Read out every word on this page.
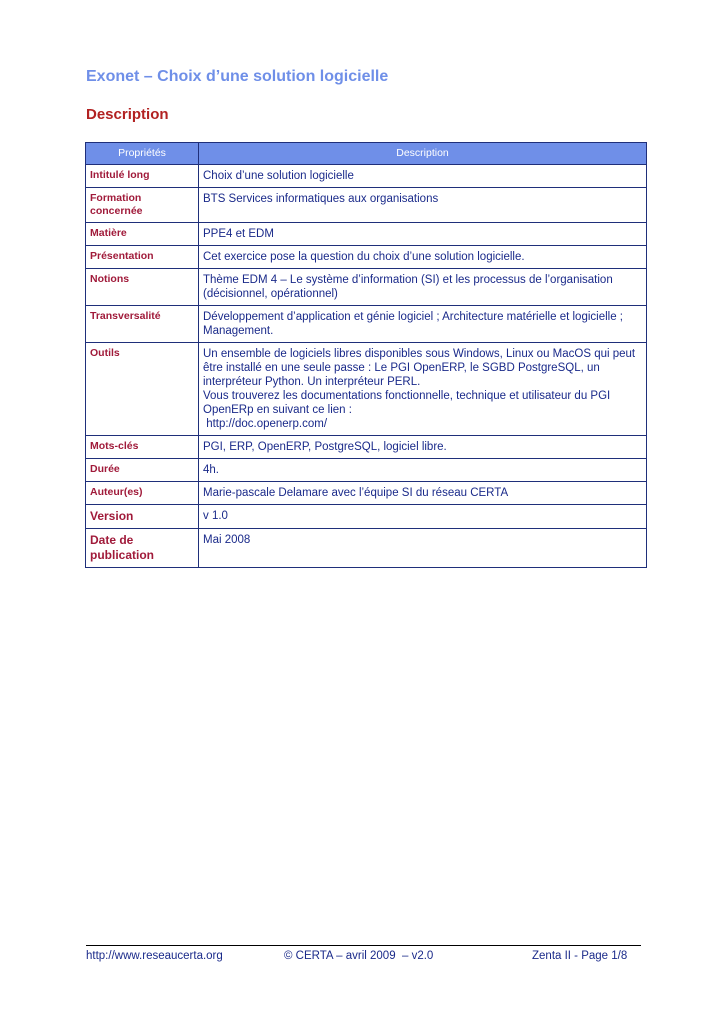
Exonet – Choix d’une solution logicielle
Description
Propriétés	Description
Intitulé long	Choix d’une solution logicielle
Formation concernée	BTS Services informatiques aux organisations
Matière	PPE4 et EDM
Présentation	Cet exercice pose la question du choix d’une solution logicielle.
Notions	Thème EDM 4 – Le système d’information (SI) et les processus de l’organisation (décisionnel, opérationnel)
Transversalité	Développement d’application et génie logiciel ; Architecture matérielle et logicielle ; Management.
Outils	Un ensemble de logiciels libres disponibles sous Windows, Linux ou MacOS qui peut être installé en une seule passe : Le PGI OpenERP, le SGBD PostgreSQL, un interpréteur Python. Un interpréteur PERL.
Vous trouverez les documentations fonctionnelle, technique et utilisateur du PGI OpenERp en suivant ce lien :
http://doc.openerp.com/

Mots-clés	PGI, ERP, OpenERP, PostgreSQL, logiciel libre.
Durée	4h.
Auteur(es)	Marie-pascale Delamare avec l’équipe SI du réseau CERTA
Version	v 1.0
Date de publication	Mai 2008
http://www.reseaucerta.org	© CERTA – avril 2009  – v2.0	Zenta II - Page 1/8
